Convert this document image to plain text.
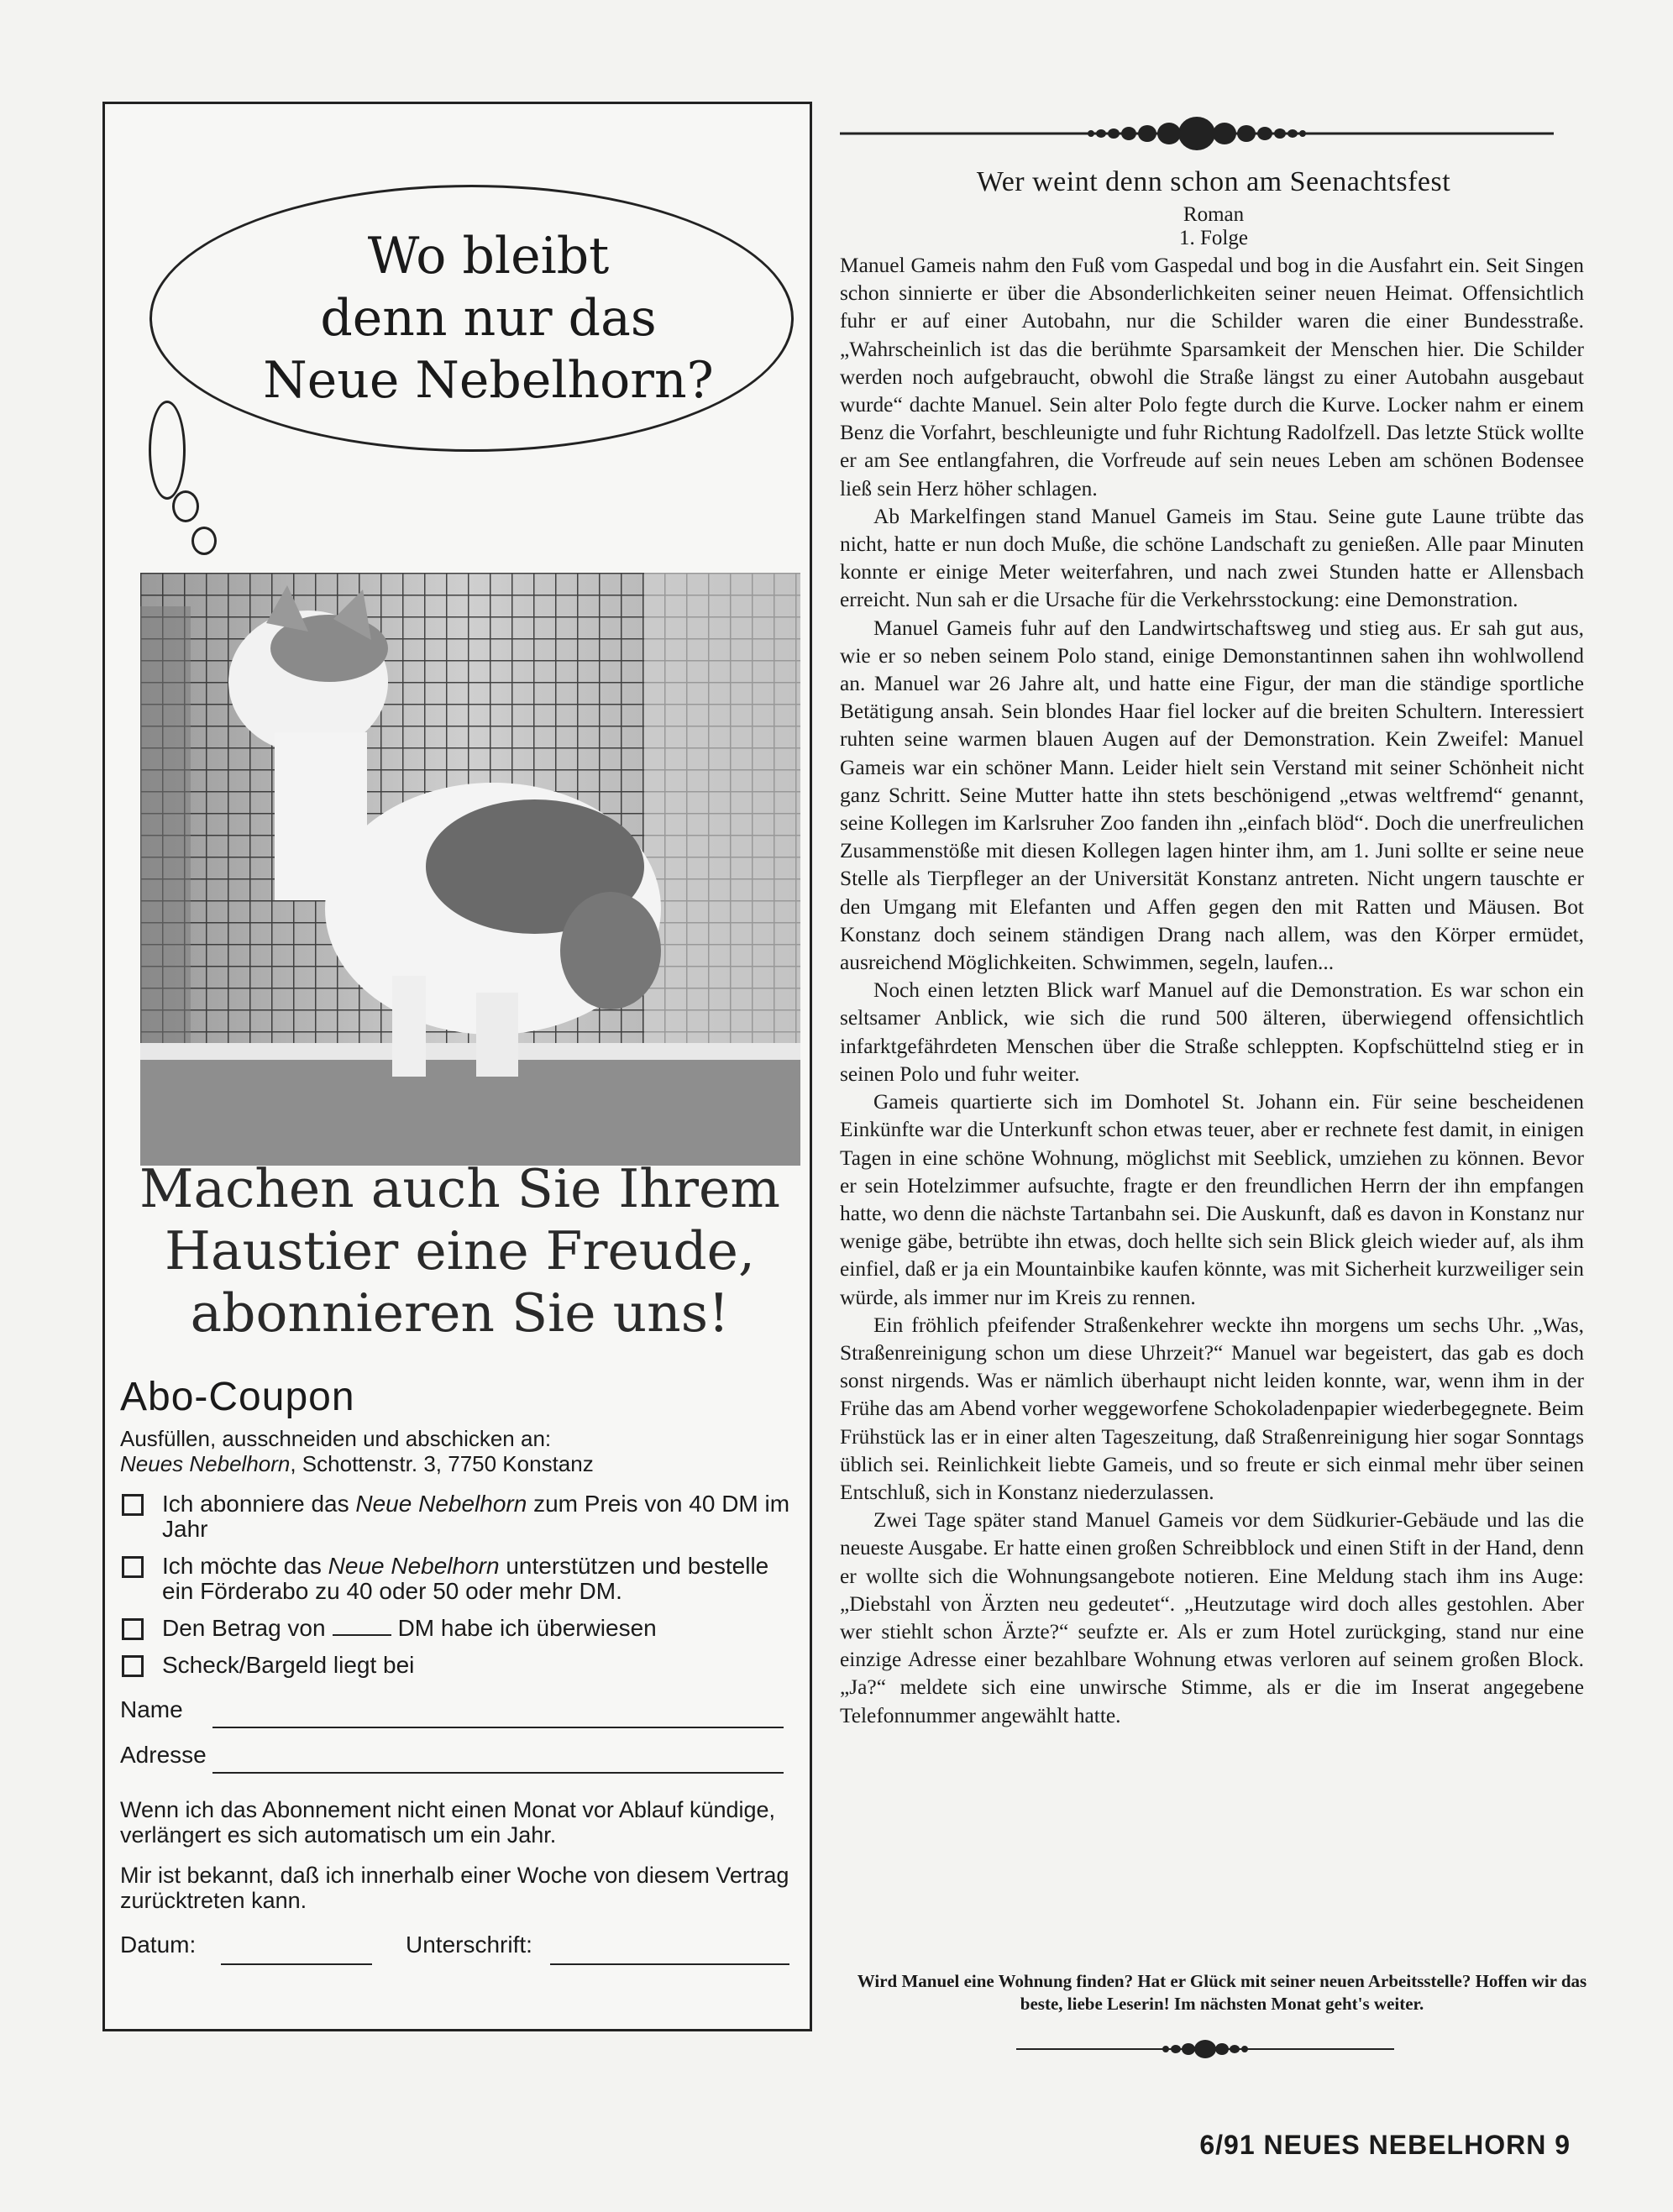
Wo bleibt
denn nur das
Neue Nebelhorn?
Machen auch Sie Ihrem
Haustier eine Freude,
abonnieren Sie uns!
Abo-Coupon
Ausfüllen, ausschneiden und abschicken an:
Neues Nebelhorn, Schottenstr. 3, 7750 Konstanz
Ich abonniere das Neue Nebelhorn zum Preis von 40 DM im Jahr
Ich möchte das Neue Nebelhorn unterstützen und bestelle ein Förderabo zu 40 oder 50 oder mehr DM.
Den Betrag von	DM habe ich überwiesen
Scheck/Bargeld liegt bei
Name
Adresse
Wenn ich das Abonnement nicht einen Monat vor Ablauf kündige, verlängert es sich automatisch um ein Jahr.
Mir ist bekannt, daß ich innerhalb einer Woche von diesem Vertrag zurücktreten kann.
Datum:	Unterschrift:
Wer weint denn schon am Seenachtsfest
Roman
1. Folge

Manuel Gameis nahm den Fuß vom Gaspedal und bog in die Ausfahrt ein. Seit Singen schon sinnierte er über die Absonderlichkeiten seiner neuen Heimat. Offensichtlich fuhr er auf einer Autobahn, nur die Schilder waren die einer Bundesstraße. „Wahrscheinlich ist das die berühmte Sparsamkeit der Menschen hier. Die Schilder werden noch aufgebraucht, obwohl die Straße längst zu einer Autobahn ausgebaut wurde“ dachte Manuel. Sein alter Polo fegte durch die Kurve. Locker nahm er einem Benz die Vorfahrt, beschleunigte und fuhr Richtung Radolfzell. Das letzte Stück wollte er am See entlangfahren, die Vorfreude auf sein neues Leben am schönen Bodensee ließ sein Herz höher schlagen.

Ab Markelfingen stand Manuel Gameis im Stau. Seine gute Laune trübte das nicht, hatte er nun doch Muße, die schöne Landschaft zu genießen. Alle paar Minuten konnte er einige Meter weiterfahren, und nach zwei Stunden hatte er Allensbach erreicht. Nun sah er die Ursache für die Verkehrsstockung: eine Demonstration.

Manuel Gameis fuhr auf den Landwirtschaftsweg und stieg aus. Er sah gut aus, wie er so neben seinem Polo stand, einige Demonstantinnen sahen ihn wohlwollend an. Manuel war 26 Jahre alt, und hatte eine Figur, der man die ständige sportliche Betätigung ansah. Sein blondes Haar fiel locker auf die breiten Schultern. Interessiert ruhten seine warmen blauen Augen auf der Demonstration. Kein Zweifel: Manuel Gameis war ein schöner Mann. Leider hielt sein Verstand mit seiner Schönheit nicht ganz Schritt. Seine Mutter hatte ihn stets beschönigend „etwas weltfremd“ genannt, seine Kollegen im Karlsruher Zoo fanden ihn „einfach blöd“. Doch die unerfreulichen Zusammenstöße mit diesen Kollegen lagen hinter ihm, am 1. Juni sollte er seine neue Stelle als Tierpfleger an der Universität Konstanz antreten. Nicht ungern tauschte er den Umgang mit Elefanten und Affen gegen den mit Ratten und Mäusen. Bot Konstanz doch seinem ständigen Drang nach allem, was den Körper ermüdet, ausreichend Möglichkeiten. Schwimmen, segeln, laufen...

Noch einen letzten Blick warf Manuel auf die Demonstration. Es war schon ein seltsamer Anblick, wie sich die rund 500 älteren, überwiegend offensichtlich infarktgefährdeten Menschen über die Straße schleppten. Kopfschüttelnd stieg er in seinen Polo und fuhr weiter.

Gameis quartierte sich im Domhotel St. Johann ein. Für seine bescheidenen Einkünfte war die Unterkunft schon etwas teuer, aber er rechnete fest damit, in einigen Tagen in eine schöne Wohnung, möglichst mit Seeblick, umziehen zu können. Bevor er sein Hotelzimmer aufsuchte, fragte er den freundlichen Herrn der ihn empfangen hatte, wo denn die nächste Tartanbahn sei. Die Auskunft, daß es davon in Konstanz nur wenige gäbe, betrübte ihn etwas, doch hellte sich sein Blick gleich wieder auf, als ihm einfiel, daß er ja ein Mountainbike kaufen könnte, was mit Sicherheit kurzweiliger sein würde, als immer nur im Kreis zu rennen.

Ein fröhlich pfeifender Straßenkehrer weckte ihn morgens um sechs Uhr. „Was, Straßenreinigung schon um diese Uhrzeit?“ Manuel war begeistert, das gab es doch sonst nirgends. Was er nämlich überhaupt nicht leiden konnte, war, wenn ihm in der Frühe das am Abend vorher weggeworfene Schokoladenpapier wiederbegegnete. Beim Frühstück las er in einer alten Tageszeitung, daß Straßenreinigung hier sogar Sonntags üblich sei. Reinlichkeit liebte Gameis, und so freute er sich einmal mehr über seinen Entschluß, sich in Konstanz niederzulassen.

Zwei Tage später stand Manuel Gameis vor dem Südkurier-Gebäude und las die neueste Ausgabe. Er hatte einen großen Schreibblock und einen Stift in der Hand, denn er wollte sich die Wohnungsangebote notieren. Eine Meldung stach ihm ins Auge: „Diebstahl von Ärzten neu gedeutet“. „Heutzutage wird doch alles gestohlen. Aber wer stiehlt schon Ärzte?“ seufzte er. Als er zum Hotel zurückging, stand nur eine einzige Adresse einer bezahlbare Wohnung etwas verloren auf seinem großen Block. „Ja?“ meldete sich eine unwirsche Stimme, als er die im Inserat angegebene Telefonnummer angewählt hatte.

Wird Manuel eine Wohnung finden? Hat er Glück mit seiner neuen Arbeitsstelle? Hoffen wir das beste, liebe Leserin! Im nächsten Monat geht's weiter.
6/91 NEUES NEBELHORN 9
